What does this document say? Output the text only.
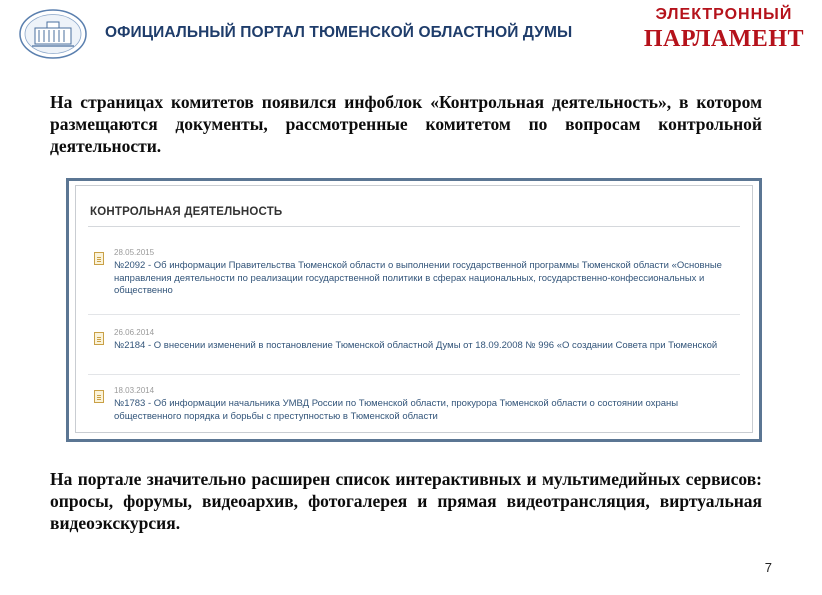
ОФИЦИАЛЬНЫЙ ПОРТАЛ ТЮМЕНСКОЙ ОБЛАСТНОЙ ДУМЫ
ЭЛЕКТРОННЫЙ
ПАРЛАМЕНТ
На страницах комитетов появился инфоблок «Контрольная деятельность», в котором размещаются документы, рассмотренные комитетом по вопросам контрольной деятельности.
КОНТРОЛЬНАЯ ДЕЯТЕЛЬНОСТЬ
28.05.2015
№2092 - Об информации Правительства Тюменской области о выполнении государственной программы Тюменской области «Основные направления деятельности по реализации государственной политики в сферах национальных, государственно-конфессиональных и общественно
26.06.2014
№2184 - О внесении изменений в постановление Тюменской областной Думы от 18.09.2008 № 996 «О создании Совета при Тюменской
18.03.2014
№1783 - Об информации начальника УМВД России по Тюменской области, прокурора Тюменской области о состоянии охраны общественного порядка и борьбы с преступностью в Тюменской области
На портале значительно расширен список интерактивных и мультимедийных сервисов: опросы, форумы, видеоархив, фотогалерея и прямая видеотрансляция, виртуальная видеоэкскурсия.
7
